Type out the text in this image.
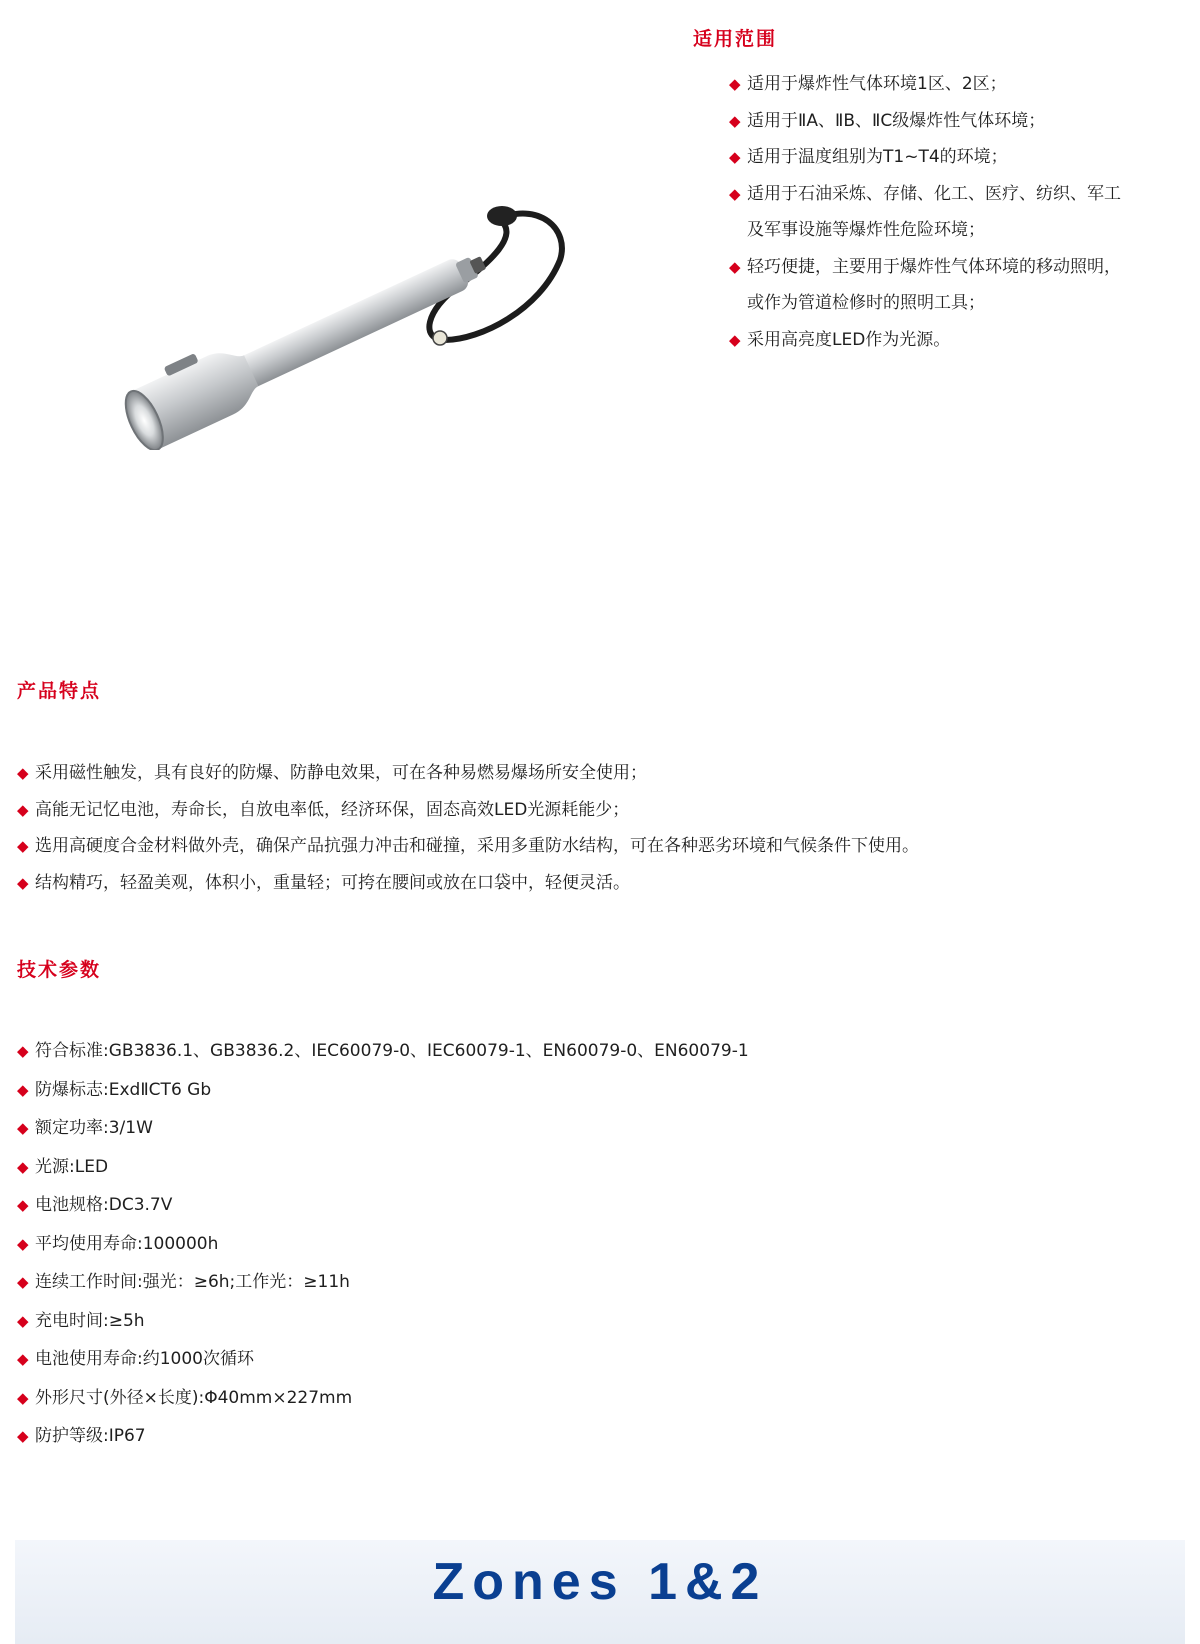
适用范围
◆ 适用于爆炸性气体环境1区、2区；
◆ 适用于ⅡA、ⅡB、ⅡC级爆炸性气体环境；
◆ 适用于温度组别为T1~T4的环境；
◆ 适用于石油采炼、存储、化工、医疗、纺织、军工
及军事设施等爆炸性危险环境；
◆ 轻巧便捷，主要用于爆炸性气体环境的移动照明，
或作为管道检修时的照明工具；
◆ 采用高亮度LED作为光源。
产品特点
◆ 采用磁性触发，具有良好的防爆、防静电效果，可在各种易燃易爆场所安全使用；
◆ 高能无记忆电池，寿命长，自放电率低，经济环保，固态高效LED光源耗能少；
◆ 选用高硬度合金材料做外壳，确保产品抗强力冲击和碰撞，采用多重防水结构，可在各种恶劣环境和气候条件下使用。
◆ 结构精巧，轻盈美观，体积小，重量轻；可挎在腰间或放在口袋中，轻便灵活。
技术参数
◆ 符合标准:GB3836.1、GB3836.2、IEC60079-0、IEC60079-1、EN60079-0、EN60079-1
◆ 防爆标志:ExdⅡCT6 Gb
◆ 额定功率:3/1W
◆ 光源:LED
◆ 电池规格:DC3.7V
◆ 平均使用寿命:100000h
◆ 连续工作时间:强光：≥6h;工作光：≥11h
◆ 充电时间:≥5h
◆ 电池使用寿命:约1000次循环
◆ 外形尺寸(外径×长度):Φ40mm×227mm
◆ 防护等级:IP67
Zones 1&2
